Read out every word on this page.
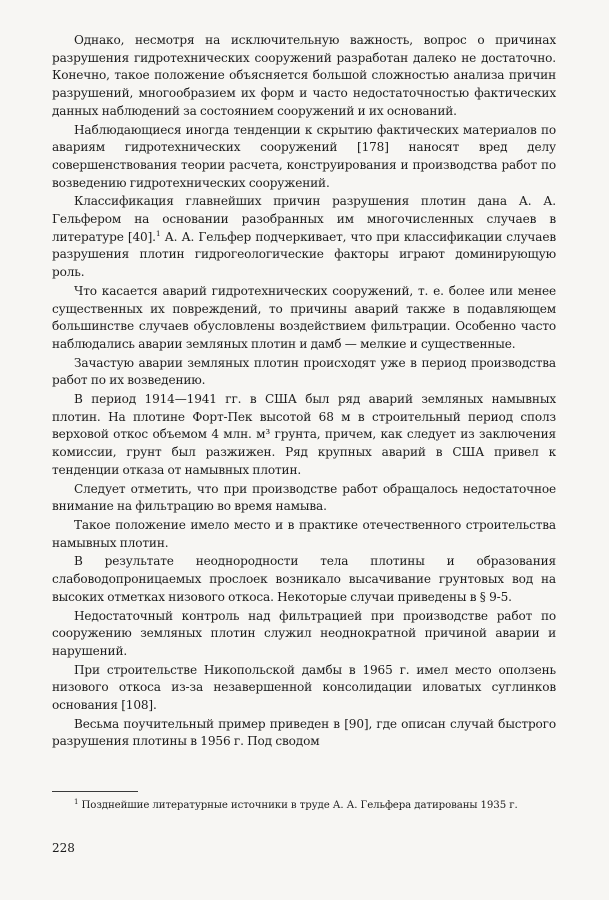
Однако, несмотря на исключительную важность, вопрос о причинах разрушения гидротехнических сооружений разработан далеко не достаточно. Конечно, такое положение объясняется большой сложностью анализа причин разрушений, многообразием их форм и часто недостаточностью фактических данных наблюдений за состоянием сооружений и их оснований.

Наблюдающиеся иногда тенденции к скрытию фактических материалов по авариям гидротехнических сооружений [178] наносят вред делу совершенствования теории расчета, конструирования и производства работ по возведению гидротехнических сооружений.

Классификация главнейших причин разрушения плотин дана А. А. Гельфером на основании разобранных им многочисленных случаев в литературе [40].$^1$ А. А. Гельфер подчеркивает, что при классификации случаев разрушения плотин гидрогеологические факторы играют доминирующую роль.

Что касается аварий гидротехнических сооружений, т. е. более или менее существенных их повреждений, то причины аварий также в подавляющем большинстве случаев обусловлены воздействием фильтрации. Особенно часто наблюдались аварии земляных плотин и дамб — мелкие и существенные.

Зачастую аварии земляных плотин происходят уже в период производства работ по их возведению.

В период 1914—1941 гг. в США был ряд аварий земляных намывных плотин. На плотине Форт-Пек высотой 68 м в строительный период сполз верховой откос объемом 4 млн. м³ грунта, причем, как следует из заключения комиссии, грунт был разжижен. Ряд крупных аварий в США привел к тенденции отказа от намывных плотин.

Следует отметить, что при производстве работ обращалось недостаточное внимание на фильтрацию во время намыва.

Такое положение имело место и в практике отечественного строительства намывных плотин.

В результате неоднородности тела плотины и образования слабоводопроницаемых прослоек возникало высачивание грунтовых вод на высоких отметках низового откоса. Некоторые случаи приведены в § 9-5.

Недостаточный контроль над фильтрацией при производстве работ по сооружению земляных плотин служил неоднократной причиной аварии и нарушений.

При строительстве Никопольской дамбы в 1965 г. имел место оползень низового откоса из-за незавершенной консолидации иловатых суглинков основания [108].

Весьма поучительный пример приведен в [90], где описан случай быстрого разрушения плотины в 1956 г. Под сводом

$^1$ Позднейшие литературные источники в труде А. А. Гельфера датированы 1935 г.

228
